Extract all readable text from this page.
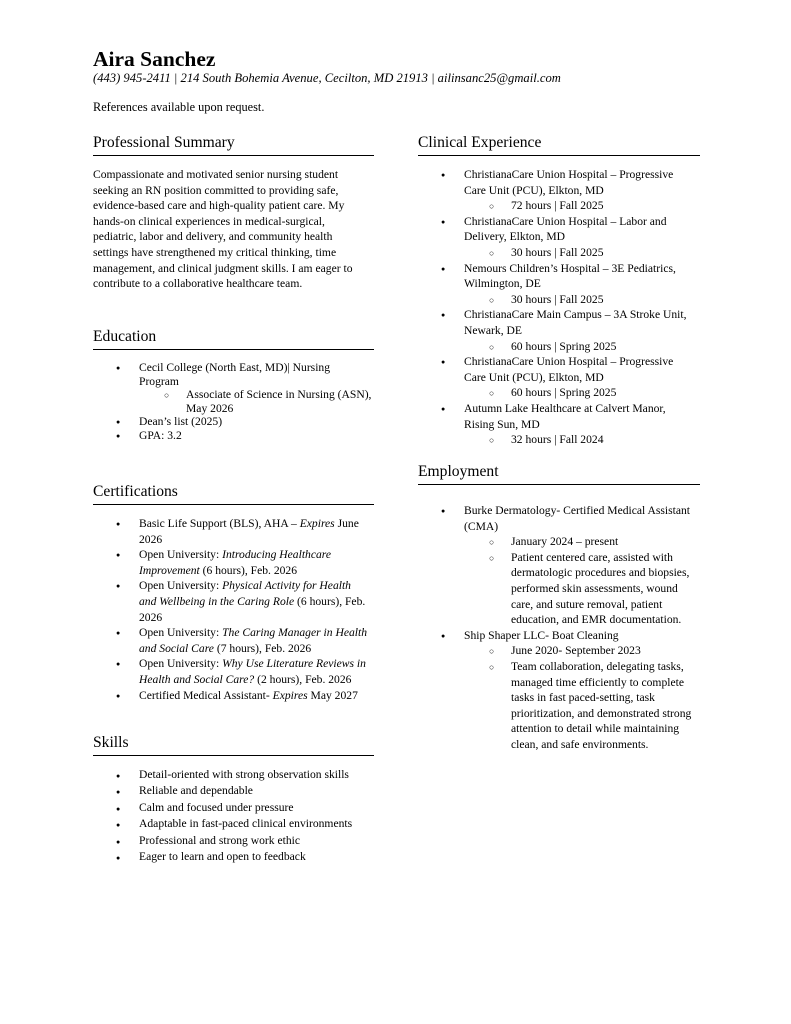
Aira Sanchez
(443) 945-2411 | 214 South Bohemia Avenue, Cecilton, MD 21913 | ailinsanc25@gmail.com
References available upon request.
Professional Summary

Compassionate and motivated senior nursing student
seeking an RN position committed to providing safe,
evidence-based care and high-quality patient care. My
hands-on clinical experiences in medical-surgical,
pediatric, labor and delivery, and community health
settings have strengthened my critical thinking, time
management, and clinical judgment skills. I am eager to
contribute to a collaborative healthcare team.

Education
● Cecil College (North East, MD)| Nursing
Program
○ Associate of Science in Nursing (ASN),
May 2026
● Dean’s list (2025)
● GPA: 3.2
Certifications
● Basic Life Support (BLS), AHA – Expires June
2026
● Open University: Introducing Healthcare
Improvement (6 hours), Feb. 2026
● Open University: Physical Activity for Health
and Wellbeing in the Caring Role (6 hours), Feb.
2026
● Open University: The Caring Manager in Health
and Social Care (7 hours), Feb. 2026
● Open University: Why Use Literature Reviews in
Health and Social Care? (2 hours), Feb. 2026
● Certified Medical Assistant- Expires May 2027
Skills
● Detail-oriented with strong observation skills
● Reliable and dependable
● Calm and focused under pressure
● Adaptable in fast-paced clinical environments
● Professional and strong work ethic
● Eager to learn and open to feedback
Clinical Experience
● ChristianaCare Union Hospital – Progressive
Care Unit (PCU), Elkton, MD
○ 72 hours | Fall 2025
● ChristianaCare Union Hospital – Labor and
Delivery, Elkton, MD
○ 30 hours | Fall 2025
● Nemours Children’s Hospital – 3E Pediatrics,
Wilmington, DE
○ 30 hours | Fall 2025
● ChristianaCare Main Campus – 3A Stroke Unit,
Newark, DE
○ 60 hours | Spring 2025
● ChristianaCare Union Hospital – Progressive
Care Unit (PCU), Elkton, MD
○ 60 hours | Spring 2025
● Autumn Lake Healthcare at Calvert Manor,
Rising Sun, MD
○ 32 hours | Fall 2024
Employment
● Burke Dermatology- Certified Medical Assistant
(CMA)
○ January 2024 – present
○ Patient centered care, assisted with
dermatologic procedures and biopsies,
performed skin assessments, wound
care, and suture removal, patient
education, and EMR documentation.
● Ship Shaper LLC- Boat Cleaning
○ June 2020- September 2023
○ Team collaboration, delegating tasks,
managed time efficiently to complete
tasks in fast paced-setting, task
prioritization, and demonstrated strong
attention to detail while maintaining
clean, and safe environments.
